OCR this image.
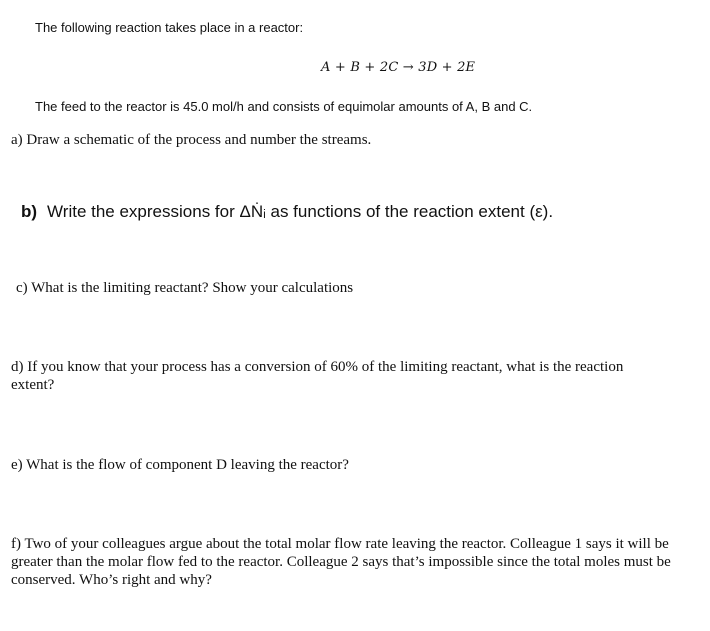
The following reaction takes place in a reactor:
A + B + 2C → 3D + 2E
The feed to the reactor is 45.0 mol/h and consists of equimolar amounts of A, B and C.
a) Draw a schematic of the process and number the streams.
b) Write the expressions for ΔṄᵢ as functions of the reaction extent (ε).
c) What is the limiting reactant? Show your calculations
d) If you know that your process has a conversion of 60% of the limiting reactant, what is the reaction extent?
e) What is the flow of component D leaving the reactor?
f) Two of your colleagues argue about the total molar flow rate leaving the reactor. Colleague 1 says it will be greater than the molar flow fed to the reactor. Colleague 2 says that’s impossible since the total moles must be conserved. Who’s right and why?
